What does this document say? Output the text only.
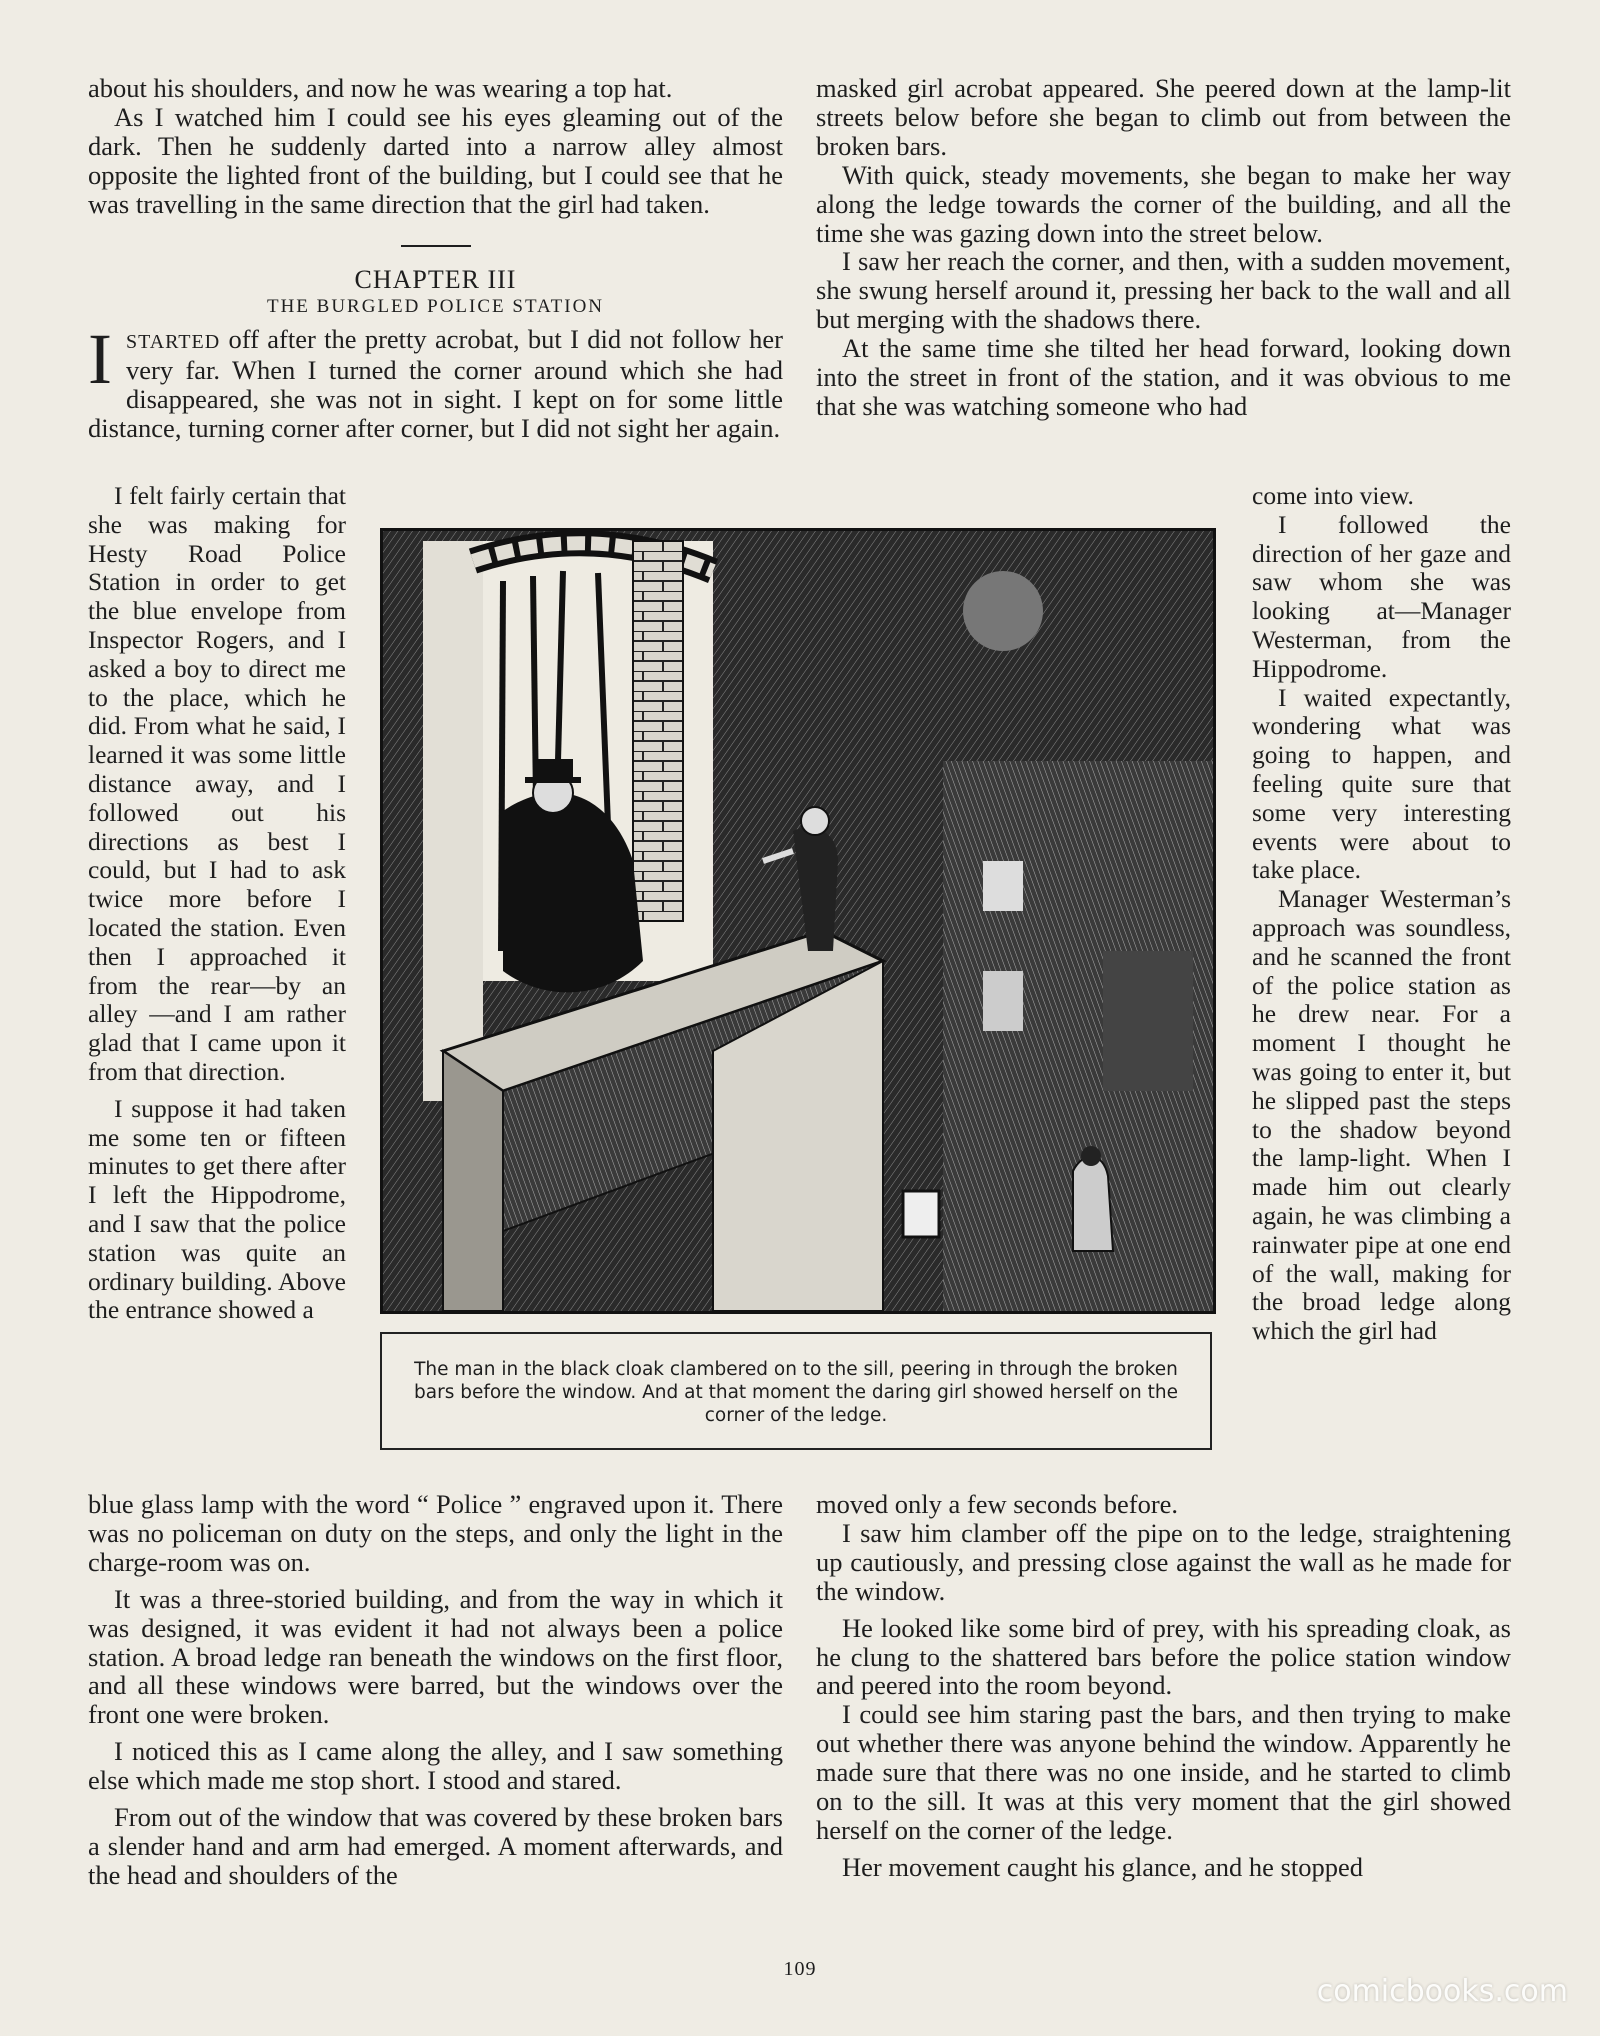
about his shoulders, and now he was wearing a top hat.

As I watched him I could see his eyes gleaming out of the dark. Then he suddenly darted into a narrow alley almost opposite the lighted front of the building, but I could see that he was travelling in the same direction that the girl had taken.

CHAPTER III

THE BURGLED POLICE STATION

ISTARTED off after the pretty acrobat, but I did not follow her very far. When I turned the corner around which she had disappeared, she was not in sight. I kept on for some little distance, turning corner after corner, but I did not sight her again.

masked girl acrobat appeared. She peered down at the lamp-lit streets below before she began to climb out from between the broken bars.

With quick, steady movements, she began to make her way along the ledge towards the corner of the building, and all the time she was gazing down into the street below.

I saw her reach the corner, and then, with a sudden movement, she swung herself around it, pressing her back to the wall and all but merging with the shadows there.

At the same time she tilted her head forward, looking down into the street in front of the station, and it was obvious to me that she was watching someone who had

I felt fairly certain that she was making for Hesty Road Police Station in order to get the blue envelope from Inspector Rogers, and I asked a boy to direct me to the place, which he did. From what he said, I learned it was some little distance away, and I followed out his directions as best I could, but I had to ask twice more before I located the station. Even then I approached it from the rear—by an alley —and I am rather glad that I came upon it from that direction.

I suppose it had taken me some ten or fifteen minutes to get there after I left the Hippodrome, and I saw that the police station was quite an ordinary building. Above the entrance showed a

come into view.

I followed the direction of her gaze and saw whom she was looking at—Manager Westerman, from the Hippodrome.

I waited expectantly, wondering what was going to happen, and feeling quite sure that some very interesting events were about to take place.

Manager Westerman’s approach was soundless, and he scanned the front of the police station as he drew near. For a moment I thought he was going to enter it, but he slipped past the steps to the shadow beyond the lamp-light. When I made him out clearly again, he was climbing a rainwater pipe at one end of the wall, making for the broad ledge along which the girl had

The man in the black cloak clambered on to the sill, peering in through the broken bars before the window. And at that moment the daring girl showed herself on the corner of the ledge.

blue glass lamp with the word “ Police ” engraved upon it. There was no policeman on duty on the steps, and only the light in the charge-room was on.

It was a three-storied building, and from the way in which it was designed, it was evident it had not always been a police station. A broad ledge ran beneath the windows on the first floor, and all these windows were barred, but the windows over the front one were broken.

I noticed this as I came along the alley, and I saw something else which made me stop short. I stood and stared.

From out of the window that was covered by these broken bars a slender hand and arm had emerged. A moment afterwards, and the head and shoulders of the

moved only a few seconds before.

I saw him clamber off the pipe on to the ledge, straightening up cautiously, and pressing close against the wall as he made for the window.

He looked like some bird of prey, with his spreading cloak, as he clung to the shattered bars before the police station window and peered into the room beyond.

I could see him staring past the bars, and then trying to make out whether there was anyone behind the window. Apparently he made sure that there was no one inside, and he started to climb on to the sill. It was at this very moment that the girl showed herself on the corner of the ledge.

Her movement caught his glance, and he stopped

109
comicbooks.com
